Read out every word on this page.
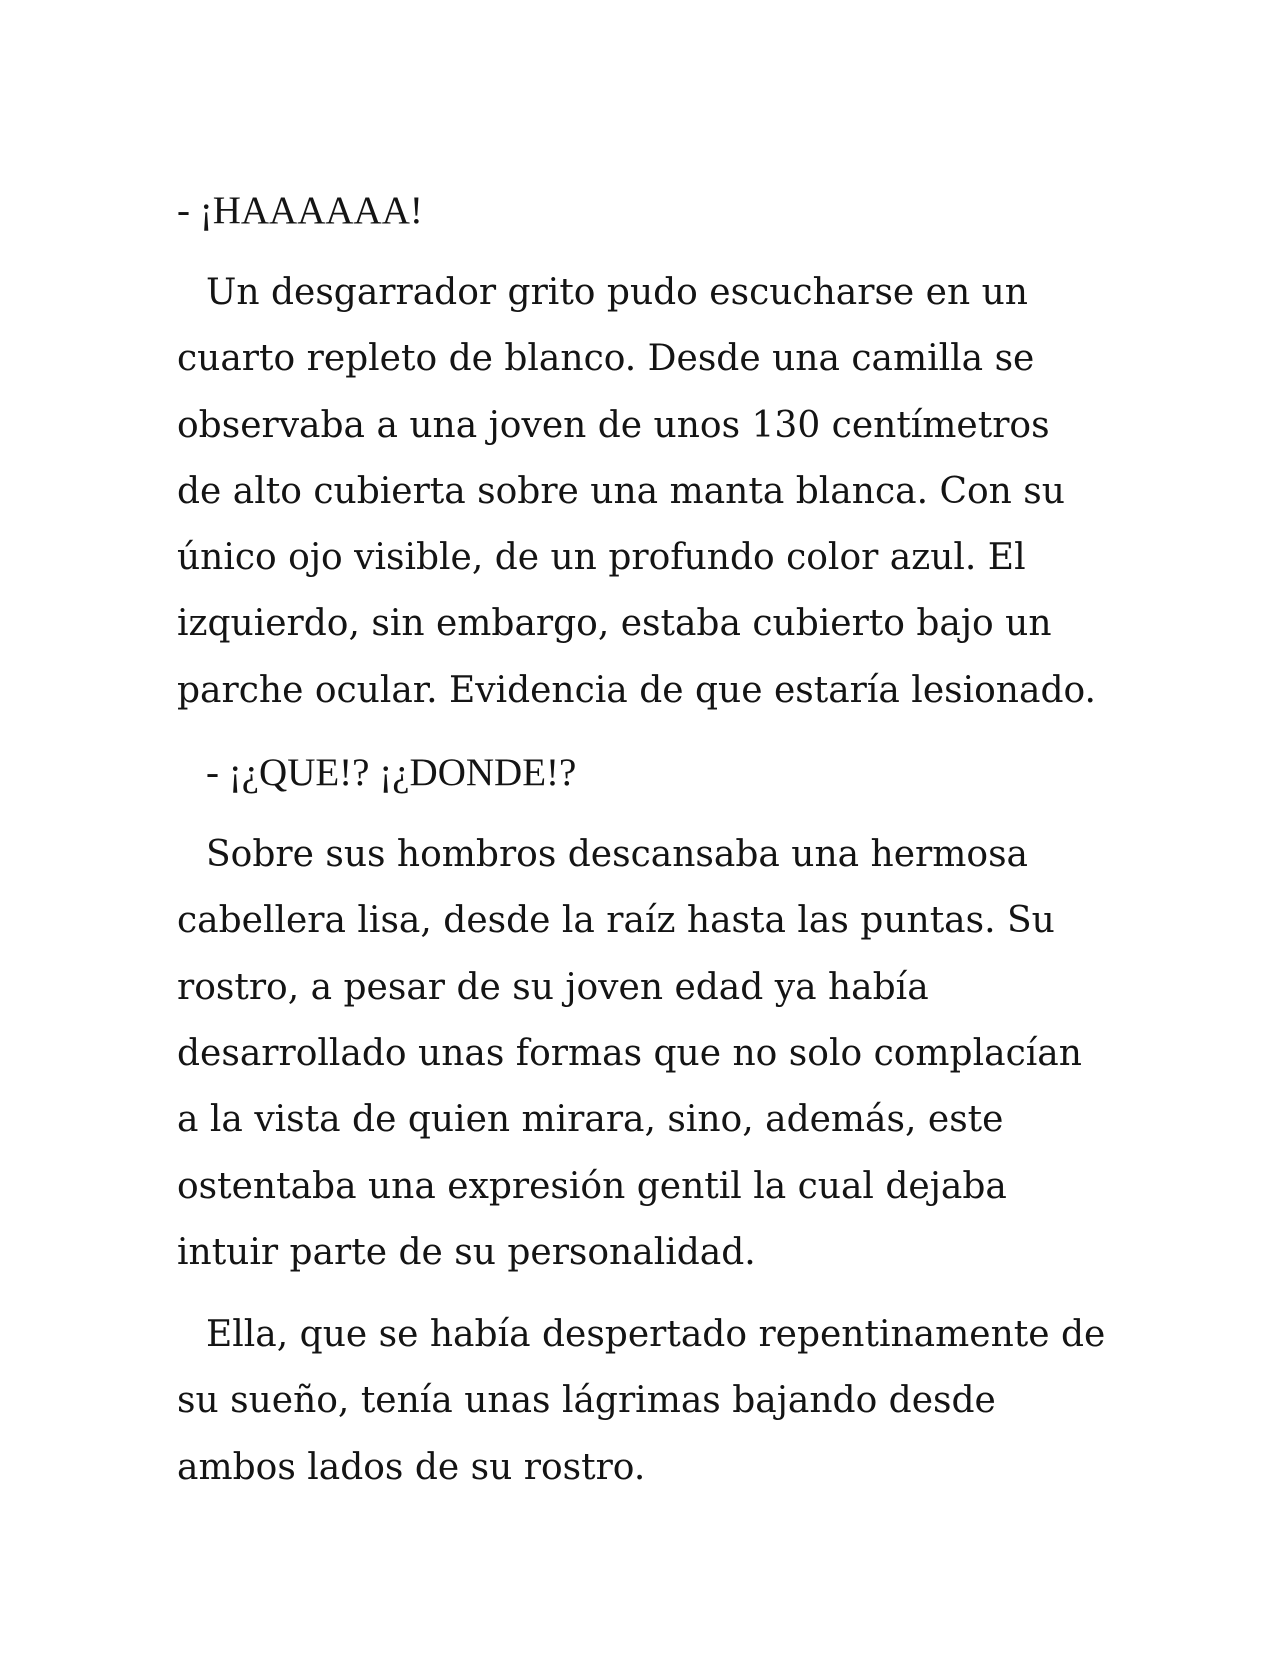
- ¡HAAAAAA!

Un desgarrador grito pudo escucharse en un
cuarto repleto de blanco. Desde una camilla se
observaba a una joven de unos 130 centímetros
de alto cubierta sobre una manta blanca. Con su
único ojo visible, de un profundo color azul. El
izquierdo, sin embargo, estaba cubierto bajo un
parche ocular. Evidencia de que estaría lesionado.

- ¡¿QUE!? ¡¿DONDE!?

Sobre sus hombros descansaba una hermosa
cabellera lisa, desde la raíz hasta las puntas. Su
rostro, a pesar de su joven edad ya había
desarrollado unas formas que no solo complacían
a la vista de quien mirara, sino, además, este
ostentaba una expresión gentil la cual dejaba
intuir parte de su personalidad.
Ella, que se había despertado repentinamente de
su sueño, tenía unas lágrimas bajando desde
ambos lados de su rostro.
